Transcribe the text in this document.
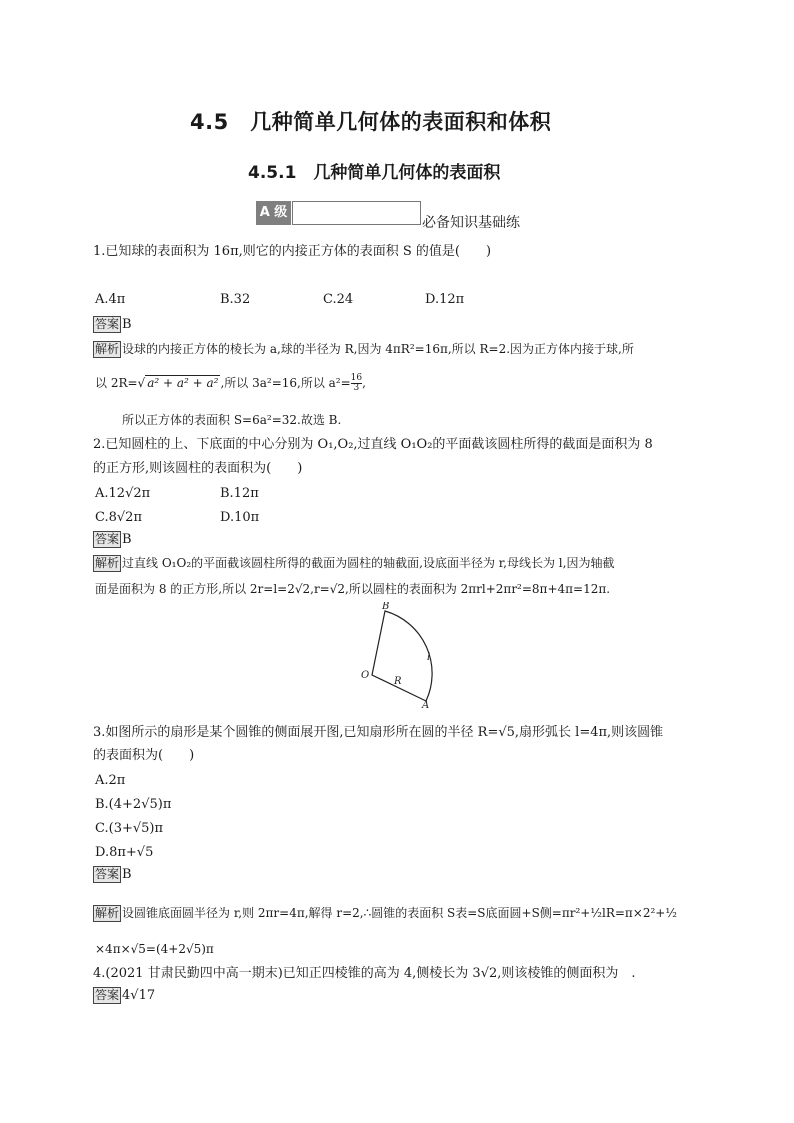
4.5　几种简单几何体的表面积和体积
4.5.1　几种简单几何体的表面积
A 级
必备知识基础练
1.已知球的表面积为 16π,则它的内接正方体的表面积 S 的值是(　　)
A.4π	B.32	C.24	D.12π
答案 B
解析 设球的内接正方体的棱长为 a,球的半径为 R,因为 4πR²=16π,所以 R=2.因为正方体内接于球,所
以 2R=√ a² + a² + a² ,所以 3a²=16,所以 $a^2= \frac{16}{3}$ ,
所以正方体的表面积 S=6a²=32.故选 B.
2.已知圆柱的上、下底面的中心分别为 O₁,O₂,过直线 O₁O₂的平面截该圆柱所得的截面是面积为 8
的正方形,则该圆柱的表面积为(　　)
A.12√2π	B.12π
C.8√2π	D.10π
答案 B
解析 过直线 O₁O₂的平面截该圆柱所得的截面为圆柱的轴截面,设底面半径为 r,母线长为 l,因为轴截
面是面积为 8 的正方形,所以 2r=l=2√2,r=√2,所以圆柱的表面积为 2πrl+2πr²=8π+4π=12π.
B
O
R
l
A
3.如图所示的扇形是某个圆锥的侧面展开图,已知扇形所在圆的半径 R=√5,扇形弧长 l=4π,则该圆锥
的表面积为(　　)
A.2π
B.(4+2√5)π
C.(3+√5)π
D.8π+√5
答案 B
解析 设圆锥底面圆半径为 r,则 2πr=4π,解得 r=2,∴圆锥的表面积 S表=S底面圆+S侧=πr²+½lR=π×2²+½
×4π×√5=(4+2√5)π
4.(2021 甘肃民勤四中高一期末)已知正四棱锥的高为 4,侧棱长为 3√2,则该棱锥的侧面积为　.
答案 4√17
